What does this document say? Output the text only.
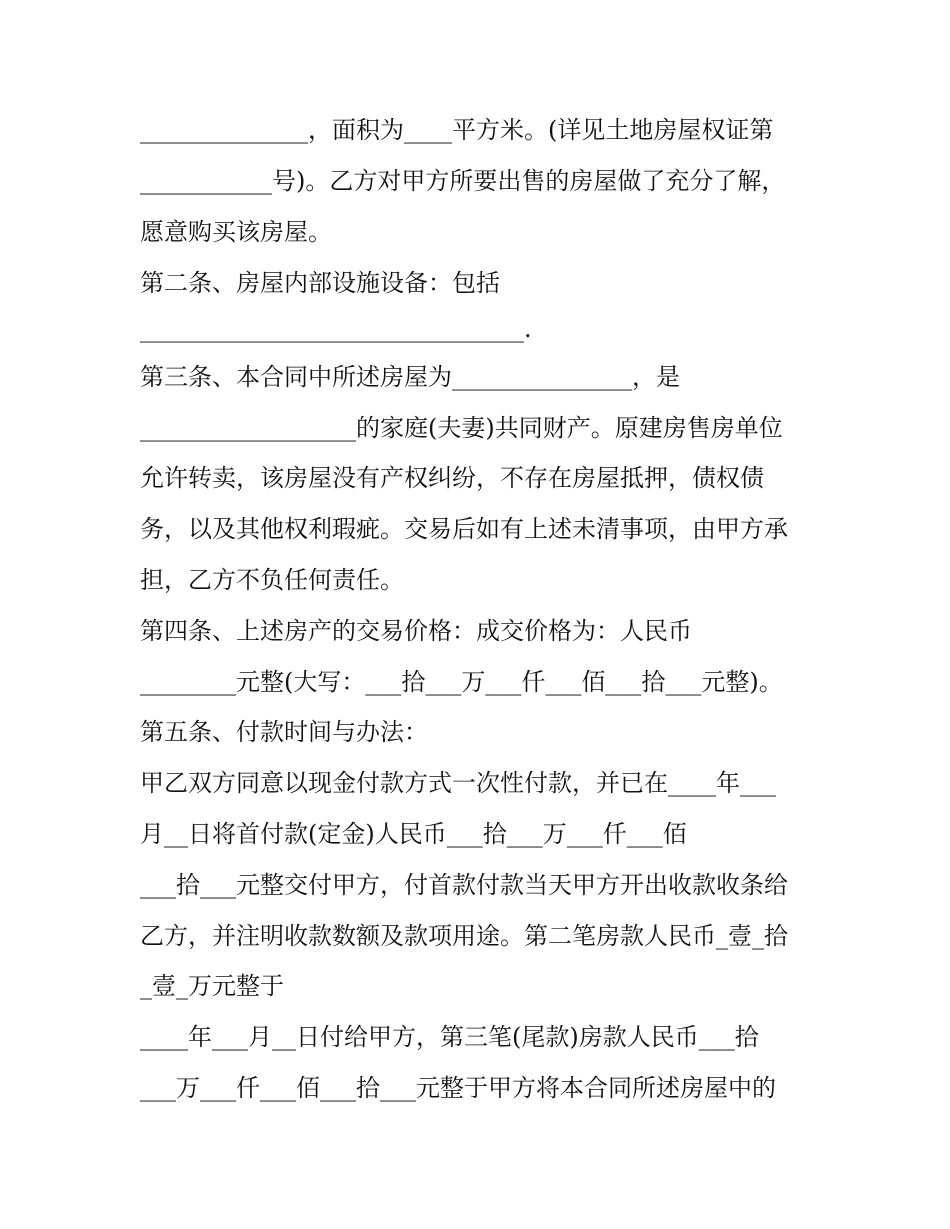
______________，面积为____平方米。(详见土地房屋权证第

___________号)。乙方对甲方所要出售的房屋做了充分了解，

愿意购买该房屋。

第二条、房屋内部设施设备：包括

________________________________.

第三条、本合同中所述房屋为_______________，是

__________________的家庭(夫妻)共同财产。原建房售房单位

允许转卖，该房屋没有产权纠纷，不存在房屋抵押，债权债

务，以及其他权利瑕疵。交易后如有上述未清事项，由甲方承

担，乙方不负任何责任。

第四条、上述房产的交易价格：成交价格为：人民币

________元整(大写：___拾___万___仟___佰___拾___元整)。

第五条、付款时间与办法：

甲乙双方同意以现金付款方式一次性付款，并已在____年___

月__日将首付款(定金)人民币___拾___万___仟___佰

___拾___元整交付甲方，付首款付款当天甲方开出收款收条给

乙方，并注明收款数额及款项用途。第二笔房款人民币_壹_拾

_壹_万元整于

____年___月__日付给甲方，第三笔(尾款)房款人民币___拾

___万___仟___佰___拾___元整于甲方将本合同所述房屋中的
